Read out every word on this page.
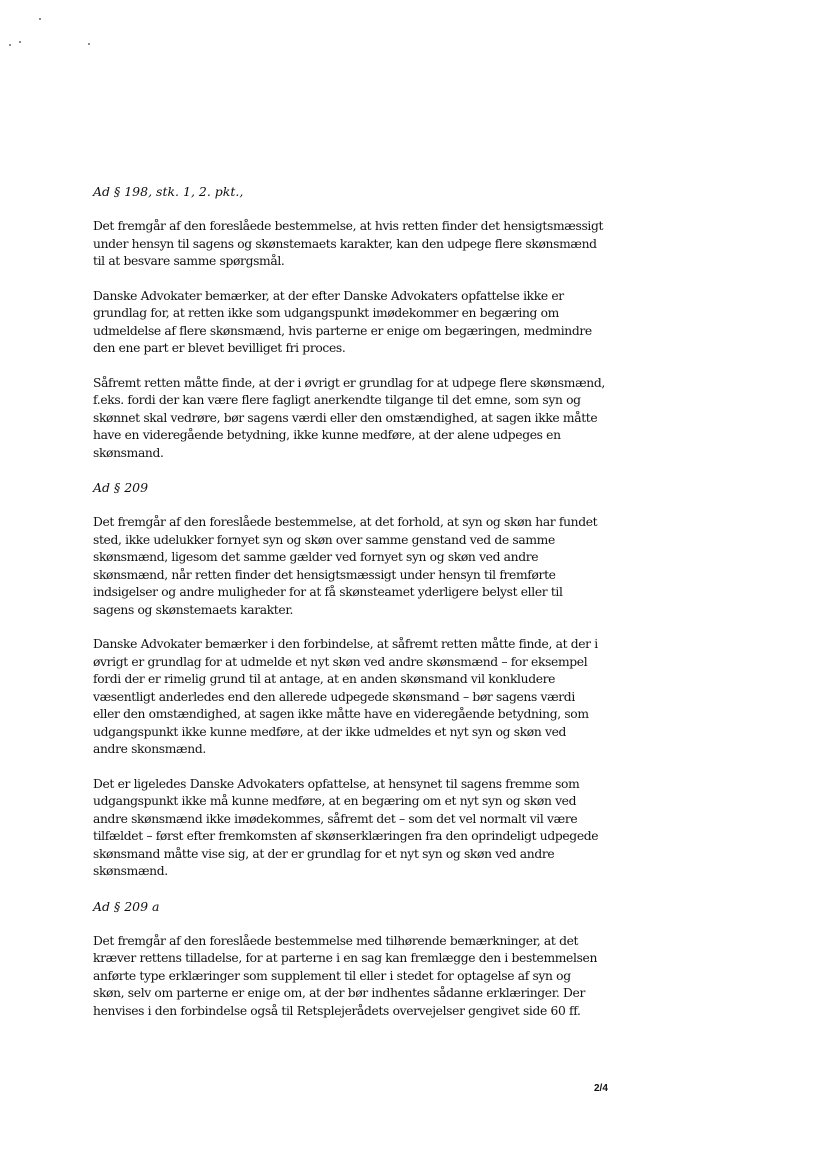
Ad § 198, stk. 1, 2. pkt.,

Det fremgår af den foreslåede bestemmelse, at hvis retten finder det hensigtsmæssigt
under hensyn til sagens og skønstemaets karakter, kan den udpege flere skønsmænd
til at besvare samme spørgsmål.

Danske Advokater bemærker, at der efter Danske Advokaters opfattelse ikke er
grundlag for, at retten ikke som udgangspunkt imødekommer en begæring om
udmeldelse af flere skønsmænd, hvis parterne er enige om begæringen, medmindre
den ene part er blevet bevilliget fri proces.

Såfremt retten måtte finde, at der i øvrigt er grundlag for at udpege flere skønsmænd,
f.eks. fordi der kan være flere fagligt anerkendte tilgange til det emne, som syn og
skønnet skal vedrøre, bør sagens værdi eller den omstændighed, at sagen ikke måtte
have en videregående betydning, ikke kunne medføre, at der alene udpeges en
skønsmand.

Ad § 209

Det fremgår af den foreslåede bestemmelse, at det forhold, at syn og skøn har fundet
sted, ikke udelukker fornyet syn og skøn over samme genstand ved de samme
skønsmænd, ligesom det samme gælder ved fornyet syn og skøn ved andre
skønsmænd, når retten finder det hensigtsmæssigt under hensyn til fremførte
indsigelser og andre muligheder for at få skønsteamet yderligere belyst eller til
sagens og skønstemaets karakter.

Danske Advokater bemærker i den forbindelse, at såfremt retten måtte finde, at der i
øvrigt er grundlag for at udmelde et nyt skøn ved andre skønsmænd – for eksempel
fordi der er rimelig grund til at antage, at en anden skønsmand vil konkludere
væsentligt anderledes end den allerede udpegede skønsmand – bør sagens værdi
eller den omstændighed, at sagen ikke måtte have en videregående betydning, som
udgangspunkt ikke kunne medføre, at der ikke udmeldes et nyt syn og skøn ved
andre skonsmænd.

Det er ligeledes Danske Advokaters opfattelse, at hensynet til sagens fremme som
udgangspunkt ikke må kunne medføre, at en begæring om et nyt syn og skøn ved
andre skønsmænd ikke imødekommes, såfremt det – som det vel normalt vil være
tilfældet – først efter fremkomsten af skønserklæringen fra den oprindeligt udpegede
skønsmand måtte vise sig, at der er grundlag for et nyt syn og skøn ved andre
skønsmænd.

Ad § 209 a

Det fremgår af den foreslåede bestemmelse med tilhørende bemærkninger, at det
kræver rettens tilladelse, for at parterne i en sag kan fremlægge den i bestemmelsen
anførte type erklæringer som supplement til eller i stedet for optagelse af syn og
skøn, selv om parterne er enige om, at der bør indhentes sådanne erklæringer. Der
henvises i den forbindelse også til Retsplejerådets overvejelser gengivet side 60 ff.

2/4
